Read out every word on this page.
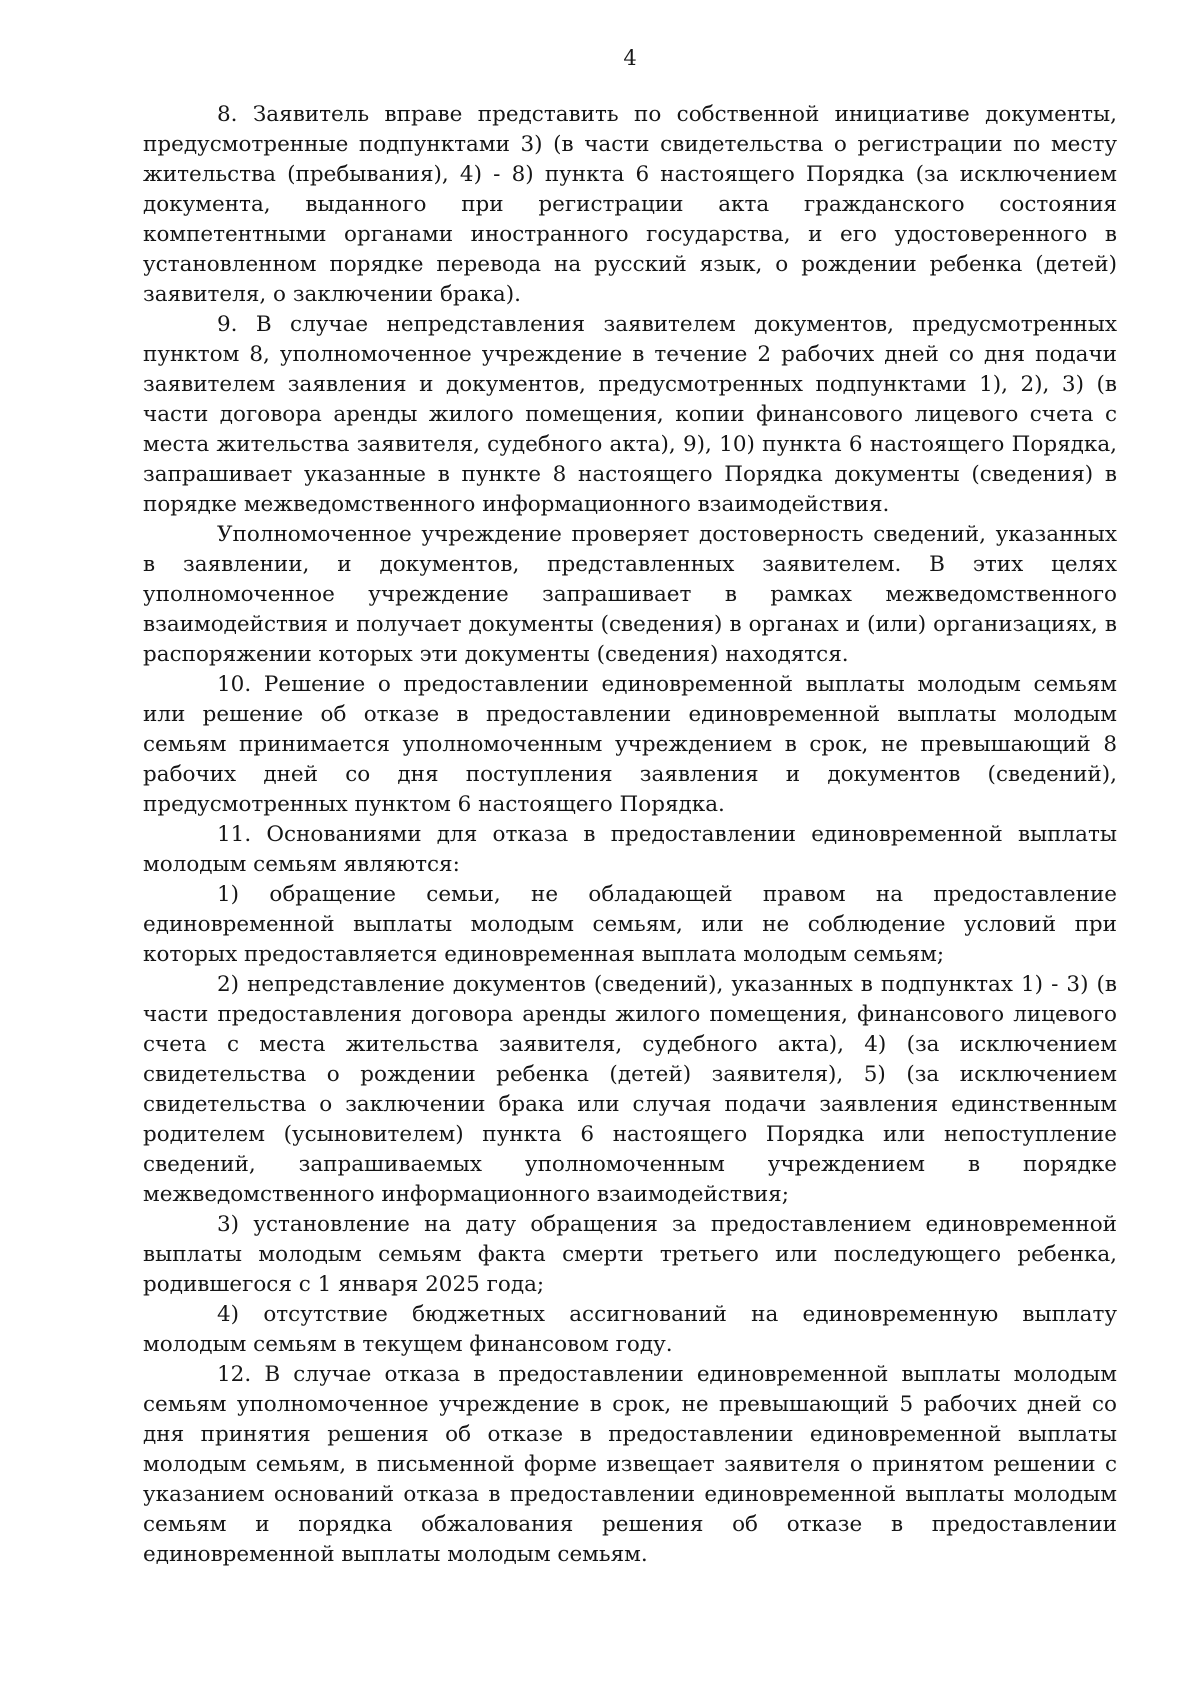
4

8. Заявитель вправе представить по собственной инициативе документы, предусмотренные подпунктами 3) (в части свидетельства о регистрации по месту жительства (пребывания), 4) - 8) пункта 6 настоящего Порядка (за исключением документа, выданного при регистрации акта гражданского состояния компетентными органами иностранного государства, и его удостоверенного в установленном порядке перевода на русский язык, о рождении ребенка (детей) заявителя, о заключении брака).

9. В случае непредставления заявителем документов, предусмотренных пунктом 8, уполномоченное учреждение в течение 2 рабочих дней со дня подачи заявителем заявления и документов, предусмотренных подпунктами 1), 2), 3) (в части договора аренды жилого помещения, копии финансового лицевого счета с места жительства заявителя, судебного акта), 9), 10) пункта 6 настоящего Порядка, запрашивает указанные в пункте 8 настоящего Порядка документы (сведения) в порядке межведомственного информационного взаимодействия.

Уполномоченное учреждение проверяет достоверность сведений, указанных в заявлении, и документов, представленных заявителем. В этих целях уполномоченное учреждение запрашивает в рамках межведомственного взаимодействия и получает документы (сведения) в органах и (или) организациях, в распоряжении которых эти документы (сведения) находятся.

10. Решение о предоставлении единовременной выплаты молодым семьям или решение об отказе в предоставлении единовременной выплаты молодым семьям принимается уполномоченным учреждением в срок, не превышающий 8 рабочих дней со дня поступления заявления и документов (сведений), предусмотренных пунктом 6 настоящего Порядка.

11. Основаниями для отказа в предоставлении единовременной выплаты молодым семьям являются:

1) обращение семьи, не обладающей правом на предоставление единовременной выплаты молодым семьям, или не соблюдение условий при которых предоставляется единовременная выплата молодым семьям;

2) непредставление документов (сведений), указанных в подпунктах 1) - 3) (в части предоставления договора аренды жилого помещения, финансового лицевого счета с места жительства заявителя, судебного акта), 4) (за исключением свидетельства о рождении ребенка (детей) заявителя), 5) (за исключением свидетельства о заключении брака или случая подачи заявления единственным родителем (усыновителем) пункта 6 настоящего Порядка или непоступление сведений, запрашиваемых уполномоченным учреждением в порядке межведомственного информационного взаимодействия;

3) установление на дату обращения за предоставлением единовременной выплаты молодым семьям факта смерти третьего или последующего ребенка, родившегося с 1 января 2025 года;

4) отсутствие бюджетных ассигнований на единовременную выплату молодым семьям в текущем финансовом году.

12. В случае отказа в предоставлении единовременной выплаты молодым семьям уполномоченное учреждение в срок, не превышающий 5 рабочих дней со дня принятия решения об отказе в предоставлении единовременной выплаты молодым семьям, в письменной форме извещает заявителя о принятом решении с указанием оснований отказа в предоставлении единовременной выплаты молодым семьям и порядка обжалования решения об отказе в предоставлении единовременной выплаты молодым семьям.
